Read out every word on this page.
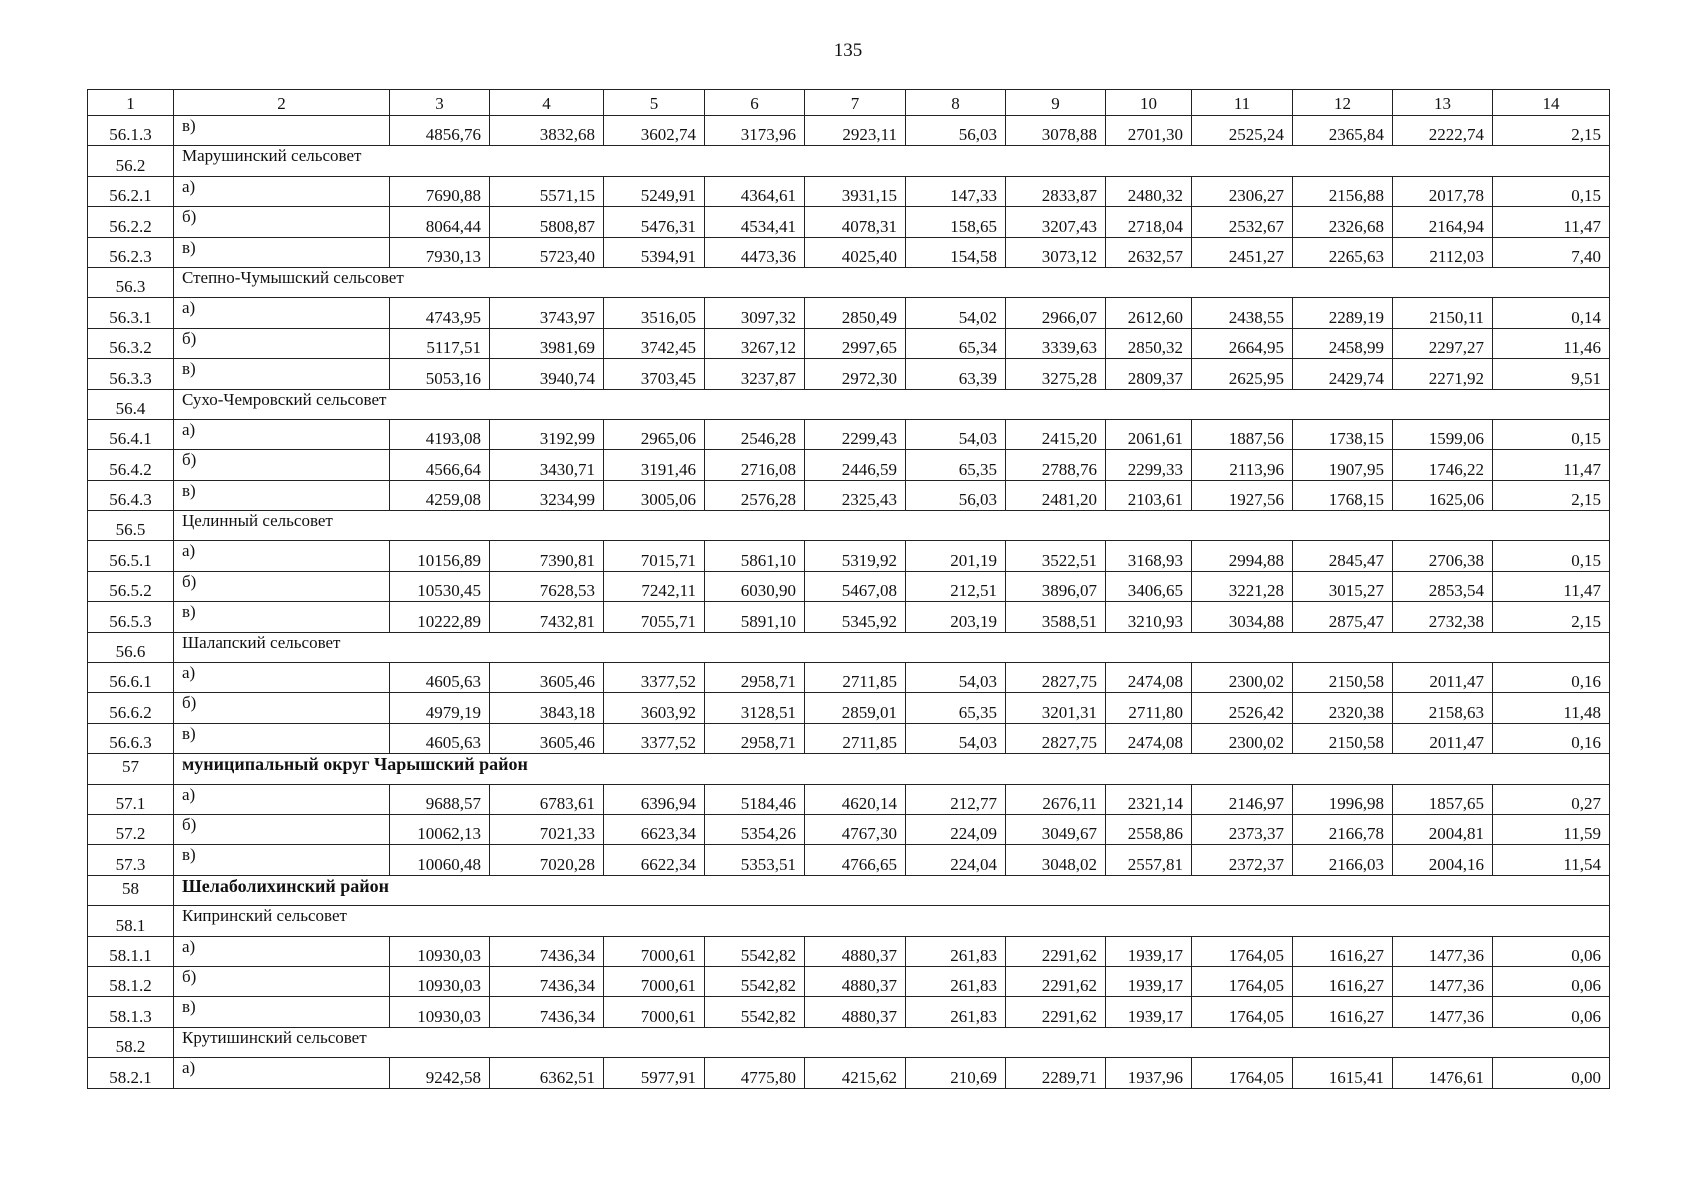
135
1	2	3	4	5	6	7	8	9	10	11	12	13	14
56.1.3	в)	4856,76	3832,68	3602,74	3173,96	2923,11	56,03	3078,88	2701,30	2525,24	2365,84	2222,74	2,15
56.2	Марушинский сельсовет												
56.2.1	а)	7690,88	5571,15	5249,91	4364,61	3931,15	147,33	2833,87	2480,32	2306,27	2156,88	2017,78	0,15
56.2.2	б)	8064,44	5808,87	5476,31	4534,41	4078,31	158,65	3207,43	2718,04	2532,67	2326,68	2164,94	11,47
56.2.3	в)	7930,13	5723,40	5394,91	4473,36	4025,40	154,58	3073,12	2632,57	2451,27	2265,63	2112,03	7,40
56.3	Степно-Чумышский сельсовет												
56.3.1	а)	4743,95	3743,97	3516,05	3097,32	2850,49	54,02	2966,07	2612,60	2438,55	2289,19	2150,11	0,14
56.3.2	б)	5117,51	3981,69	3742,45	3267,12	2997,65	65,34	3339,63	2850,32	2664,95	2458,99	2297,27	11,46
56.3.3	в)	5053,16	3940,74	3703,45	3237,87	2972,30	63,39	3275,28	2809,37	2625,95	2429,74	2271,92	9,51
56.4	Сухо-Чемровский сельсовет												
56.4.1	а)	4193,08	3192,99	2965,06	2546,28	2299,43	54,03	2415,20	2061,61	1887,56	1738,15	1599,06	0,15
56.4.2	б)	4566,64	3430,71	3191,46	2716,08	2446,59	65,35	2788,76	2299,33	2113,96	1907,95	1746,22	11,47
56.4.3	в)	4259,08	3234,99	3005,06	2576,28	2325,43	56,03	2481,20	2103,61	1927,56	1768,15	1625,06	2,15
56.5	Целинный сельсовет												
56.5.1	а)	10156,89	7390,81	7015,71	5861,10	5319,92	201,19	3522,51	3168,93	2994,88	2845,47	2706,38	0,15
56.5.2	б)	10530,45	7628,53	7242,11	6030,90	5467,08	212,51	3896,07	3406,65	3221,28	3015,27	2853,54	11,47
56.5.3	в)	10222,89	7432,81	7055,71	5891,10	5345,92	203,19	3588,51	3210,93	3034,88	2875,47	2732,38	2,15
56.6	Шалапский сельсовет												
56.6.1	а)	4605,63	3605,46	3377,52	2958,71	2711,85	54,03	2827,75	2474,08	2300,02	2150,58	2011,47	0,16
56.6.2	б)	4979,19	3843,18	3603,92	3128,51	2859,01	65,35	3201,31	2711,80	2526,42	2320,38	2158,63	11,48
56.6.3	в)	4605,63	3605,46	3377,52	2958,71	2711,85	54,03	2827,75	2474,08	2300,02	2150,58	2011,47	0,16
57	муниципальный округ Чарышский район												
57.1	а)	9688,57	6783,61	6396,94	5184,46	4620,14	212,77	2676,11	2321,14	2146,97	1996,98	1857,65	0,27
57.2	б)	10062,13	7021,33	6623,34	5354,26	4767,30	224,09	3049,67	2558,86	2373,37	2166,78	2004,81	11,59
57.3	в)	10060,48	7020,28	6622,34	5353,51	4766,65	224,04	3048,02	2557,81	2372,37	2166,03	2004,16	11,54
58	Шелаболихинский район												
58.1	Кипринский сельсовет												
58.1.1	а)	10930,03	7436,34	7000,61	5542,82	4880,37	261,83	2291,62	1939,17	1764,05	1616,27	1477,36	0,06
58.1.2	б)	10930,03	7436,34	7000,61	5542,82	4880,37	261,83	2291,62	1939,17	1764,05	1616,27	1477,36	0,06
58.1.3	в)	10930,03	7436,34	7000,61	5542,82	4880,37	261,83	2291,62	1939,17	1764,05	1616,27	1477,36	0,06
58.2	Крутишинский сельсовет												
58.2.1	а)	9242,58	6362,51	5977,91	4775,80	4215,62	210,69	2289,71	1937,96	1764,05	1615,41	1476,61	0,00
